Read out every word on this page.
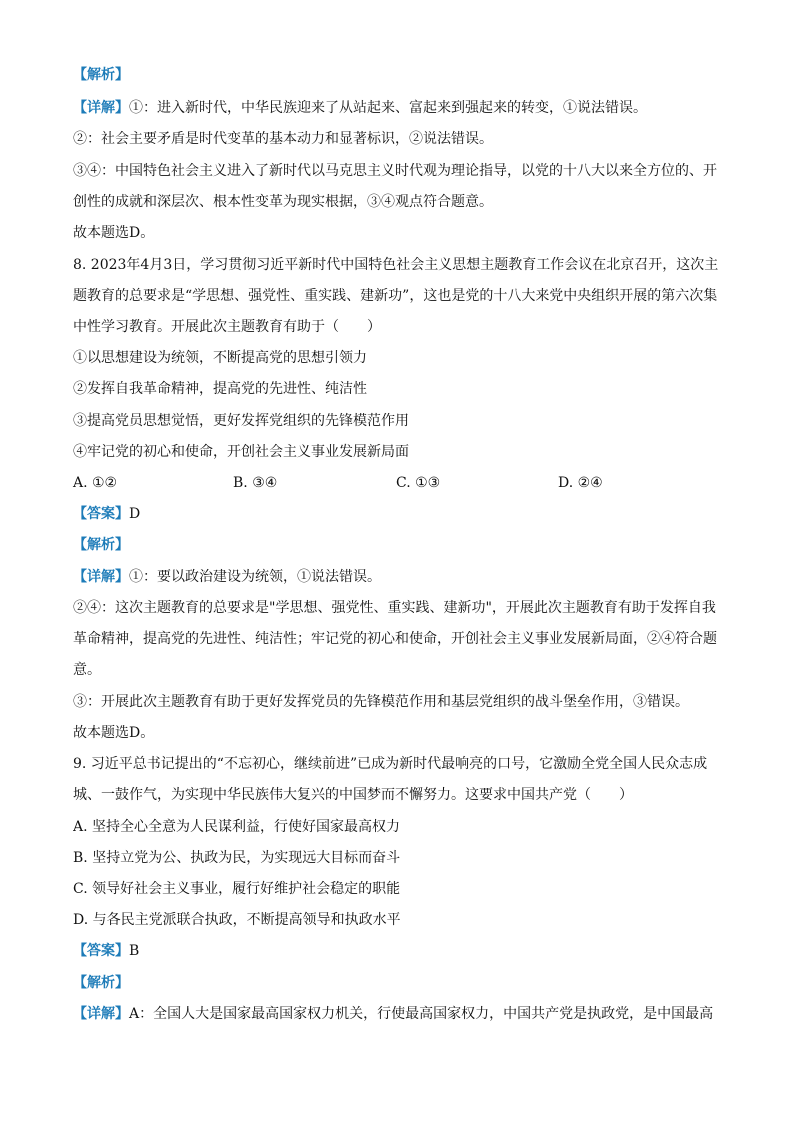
【解析】
【详解】①：进入新时代，中华民族迎来了从站起来、富起来到强起来的转变，①说法错误。
②：社会主要矛盾是时代变革的基本动力和显著标识，②说法错误。
③④：中国特色社会主义进入了新时代以马克思主义时代观为理论指导，以党的十八大以来全方位的、开
创性的成就和深层次、根本性变革为现实根据，③④观点符合题意。
故本题选D。
8. 2023年4月3日，学习贯彻习近平新时代中国特色社会主义思想主题教育工作会议在北京召开，这次主
题教育的总要求是“学思想、强党性、重实践、建新功”，这也是党的十八大来党中央组织开展的第六次集
中性学习教育。开展此次主题教育有助于（　　）
①以思想建设为统领，不断提高党的思想引领力
②发挥自我革命精神，提高党的先进性、纯洁性
③提高党员思想觉悟，更好发挥党组织的先锋模范作用
④牢记党的初心和使命，开创社会主义事业发展新局面
A. ①②	B. ③④	C. ①③	D. ②④
【答案】D
【解析】
【详解】①：要以政治建设为统领，①说法错误。
②④：这次主题教育的总要求是"学思想、强党性、重实践、建新功"，开展此次主题教育有助于发挥自我
革命精神，提高党的先进性、纯洁性；牢记党的初心和使命，开创社会主义事业发展新局面，②④符合题
意。
③：开展此次主题教育有助于更好发挥党员的先锋模范作用和基层党组织的战斗堡垒作用，③错误。
故本题选D。
9. 习近平总书记提出的“不忘初心，继续前进”已成为新时代最响亮的口号，它激励全党全国人民众志成
城、一鼓作气，为实现中华民族伟大复兴的中国梦而不懈努力。这要求中国共产党（　　）
A. 坚持全心全意为人民谋利益，行使好国家最高权力
B. 坚持立党为公、执政为民，为实现远大目标而奋斗
C. 领导好社会主义事业，履行好维护社会稳定的职能
D. 与各民主党派联合执政，不断提高领导和执政水平
【答案】B
【解析】
【详解】A：全国人大是国家最高国家权力机关，行使最高国家权力，中国共产党是执政党，是中国最高
